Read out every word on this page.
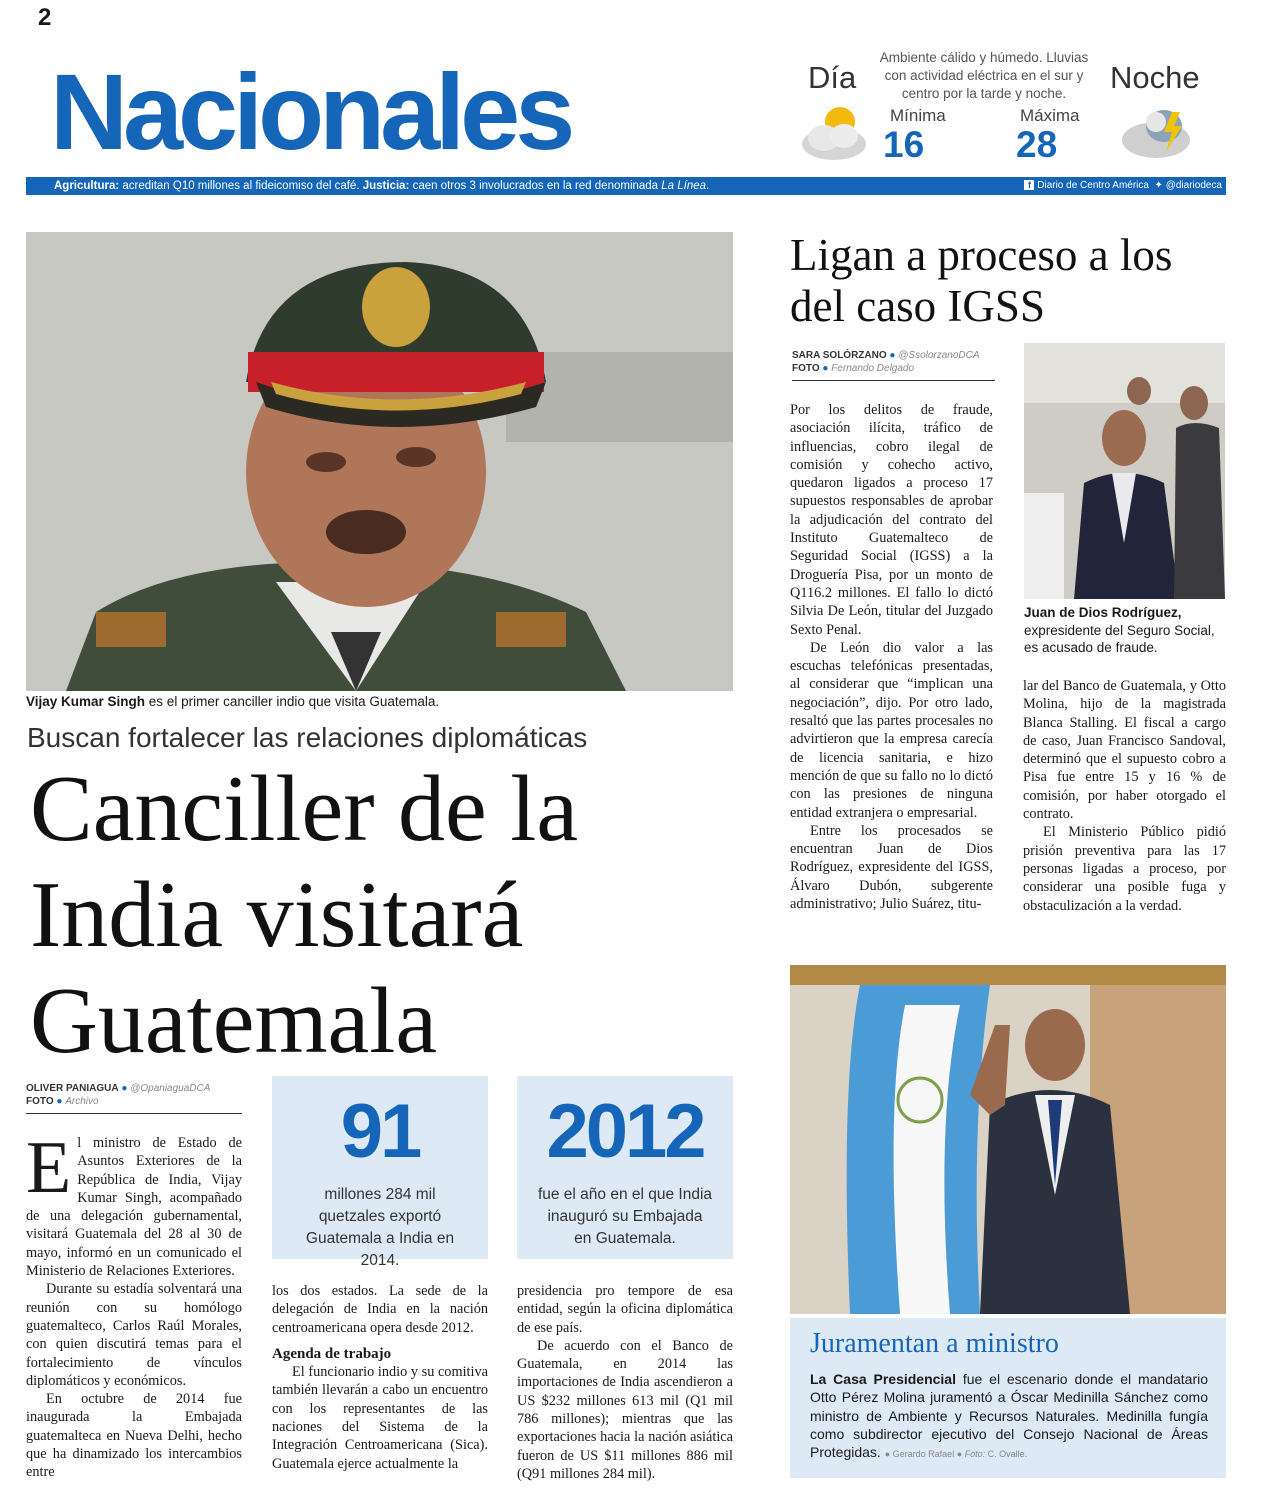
2
Nacionales	Ambiente cálido y húmedo. Lluvias con actividad eléctrica en el sur y centro por la tarde y noche.
Día	Noche
Mínima	Máxima
16 28
Agricultura: acreditan Q10 millones al fideicomiso del café. Justicia: caen otros 3 involucrados en la red denominada La Línea.	f Diario de Centro América ✦ @diariodeca
Vijay Kumar Singh es el primer canciller indio que visita Guatemala.
Buscan fortalecer las relaciones diplomáticas
Canciller de la India visitará Guatemala
OLIVER PANIAGUA ● @OpaniaguaDCA
FOTO ● Archivo

El ministro de Estado de Asuntos Exteriores de la República de India, Vijay Kumar Singh, acompañado de una delegación gubernamental, visitará Guatemala del 28 al 30 de mayo, informó en un comunicado el Ministerio de Relaciones Exteriores.

Durante su estadía solventará una reunión con su homólogo guatemalteco, Carlos Raúl Morales, con quien discutirá temas para el fortalecimiento de vínculos diplomáticos y económicos.

En octubre de 2014 fue inaugurada la Embajada guatemalteca en Nueva Delhi, hecho que ha dinamizado los intercambios entre

91
millones 284 mil quetzales exportó Guatemala a India en 2014.
2012
fue el año en el que India inauguró su Embajada en Guatemala.

los dos estados. La sede de la delegación de India en la nación centroamericana opera desde 2012.

Agenda de trabajo

El funcionario indio y su comitiva también llevarán a cabo un encuentro con los representantes de las naciones del Sistema de la Integración Centroamericana (Sica). Guatemala ejerce actualmente la

presidencia pro tempore de esa entidad, según la oficina diplomática de ese país.

De acuerdo con el Banco de Guatemala, en 2014 las importaciones de India ascendieron a US $232 millones 613 mil (Q1 mil 786 millones); mientras que las exportaciones hacia la nación asiática fueron de US $11 millones 886 mil (Q91 millones 284 mil).

Ligan a proceso a los del caso IGSS
SARA SOLÓRZANO ● @SsolorzanoDCA
FOTO ● Fernando Delgado

Por los delitos de fraude, asociación ilícita, tráfico de influencias, cobro ilegal de comisión y cohecho activo, quedaron ligados a proceso 17 supuestos responsables de aprobar la adjudicación del contrato del Instituto Guatemalteco de Seguridad Social (IGSS) a la Droguería Pisa, por un monto de Q116.2 millones. El fallo lo dictó Silvia De León, titular del Juzgado Sexto Penal.

De León dio valor a las escuchas telefónicas presentadas, al considerar que “implican una negociación”, dijo. Por otro lado, resaltó que las partes procesales no advirtieron que la empresa carecía de licencia sanitaria, e hizo mención de que su fallo no lo dictó con las presiones de ninguna entidad extranjera o empresarial.

Entre los procesados se encuentran Juan de Dios Rodríguez, expresidente del IGSS, Álvaro Dubón, subgerente administrativo; Julio Suárez, titu-

Juan de Dios Rodríguez, expresidente del Seguro Social, es acusado de fraude.

lar del Banco de Guatemala, y Otto Molina, hijo de la magistrada Blanca Stalling. El fiscal a cargo de caso, Juan Francisco Sandoval, determinó que el supuesto cobro a Pisa fue entre 15 y 16 % de comisión, por haber otorgado el contrato.

El Ministerio Público pidió prisión preventiva para las 17 personas ligadas a proceso, por considerar una posible fuga y obstaculización a la verdad.

Juramentan a ministro
La Casa Presidencial fue el escenario donde el mandatario Otto Pérez Molina juramentó a Óscar Medinilla Sánchez como ministro de Ambiente y Recursos Naturales. Medinilla fungía como subdirector ejecutivo del Consejo Nacional de Áreas Protegidas. ● Gerardo Rafael ● Foto: C. Ovalle.
